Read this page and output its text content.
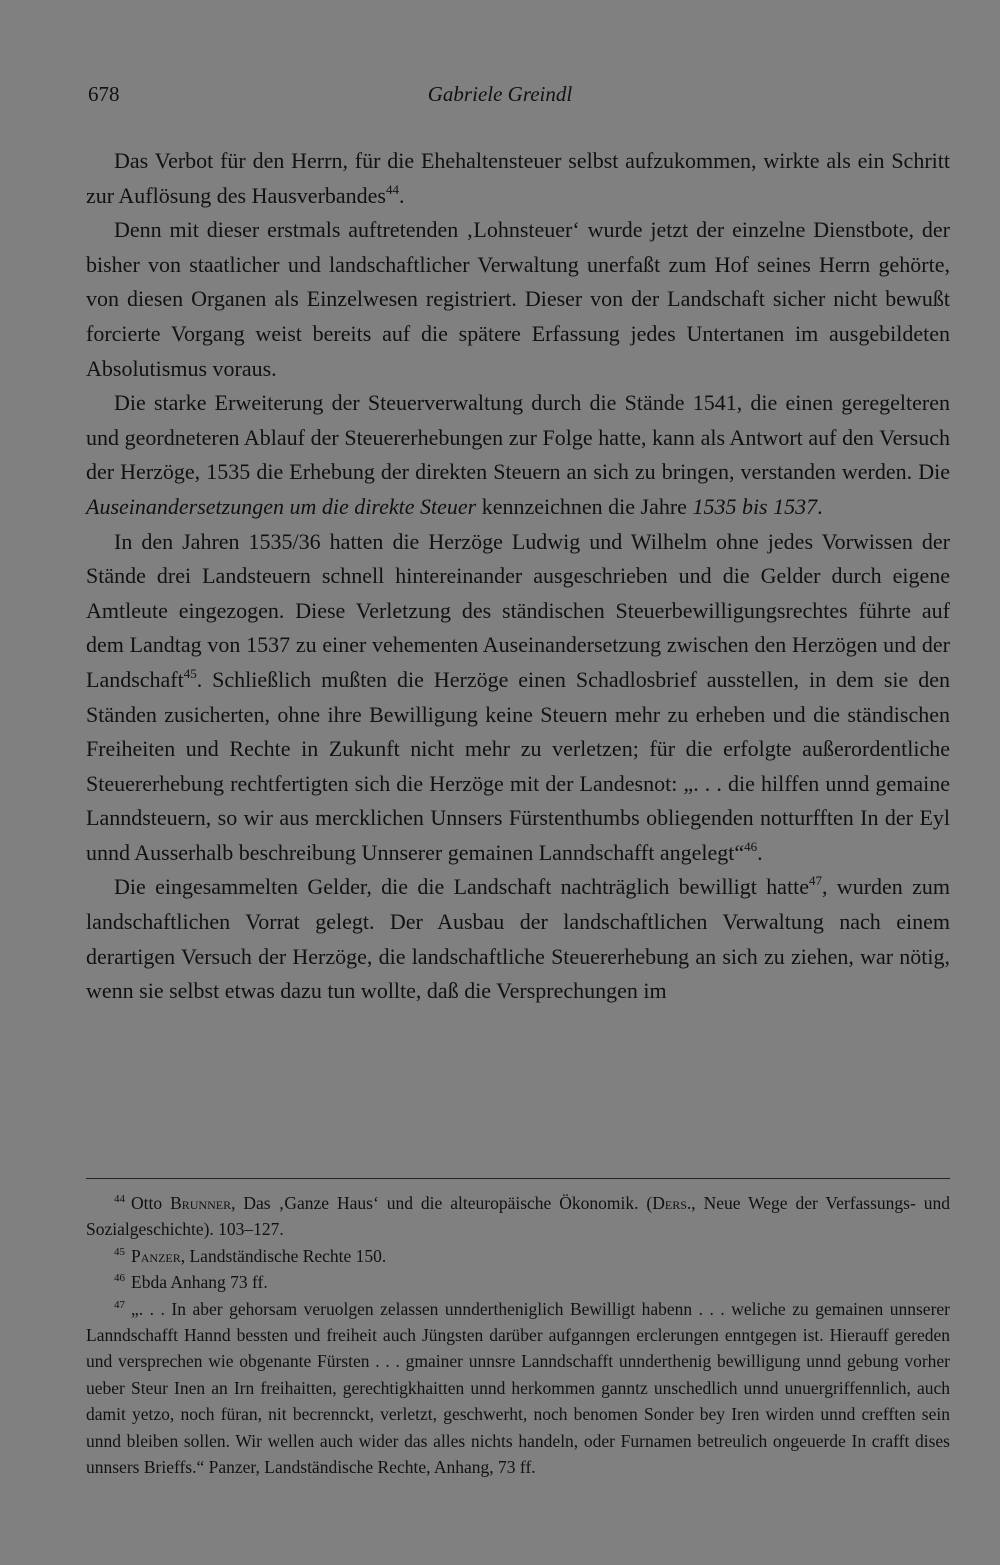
678	Gabriele Greindl

Das Verbot für den Herrn, für die Ehehaltensteuer selbst aufzukommen, wirkte als ein Schritt zur Auflösung des Hausverbandes$^{44}$.

Denn mit dieser erstmals auftretenden ‚Lohnsteuer‘ wurde jetzt der einzelne Dienstbote, der bisher von staatlicher und landschaftlicher Verwaltung unerfaßt zum Hof seines Herrn gehörte, von diesen Organen als Einzelwesen registriert. Dieser von der Landschaft sicher nicht bewußt forcierte Vorgang weist bereits auf die spätere Erfassung jedes Untertanen im ausgebildeten Absolutismus voraus.

Die starke Erweiterung der Steuerverwaltung durch die Stände 1541, die einen geregelteren und geordneteren Ablauf der Steuererhebungen zur Folge hatte, kann als Antwort auf den Versuch der Herzöge, 1535 die Erhebung der direkten Steuern an sich zu bringen, verstanden werden. Die Auseinandersetzungen um die direkte Steuer kennzeichnen die Jahre 1535 bis 1537.

In den Jahren 1535/36 hatten die Herzöge Ludwig und Wilhelm ohne jedes Vorwissen der Stände drei Landsteuern schnell hintereinander ausgeschrieben und die Gelder durch eigene Amtleute eingezogen. Diese Verletzung des ständischen Steuerbewilligungsrechtes führte auf dem Landtag von 1537 zu einer vehementen Auseinandersetzung zwischen den Herzögen und der Landschaft$^{45}$. Schließlich mußten die Herzöge einen Schadlosbrief ausstellen, in dem sie den Ständen zusicherten, ohne ihre Bewilligung keine Steuern mehr zu erheben und die ständischen Freiheiten und Rechte in Zukunft nicht mehr zu verletzen; für die erfolgte außerordentliche Steuererhebung rechtfertigten sich die Herzöge mit der Landesnot: „. . . die hilffen unnd gemaine Lanndsteuern, so wir aus mercklichen Unnsers Fürstenthumbs obliegenden notturfften In der Eyl unnd Ausserhalb beschreibung Unnserer gemainen Lanndschafft angelegt“$^{46}$.

Die eingesammelten Gelder, die die Landschaft nachträglich bewilligt hatte$^{47}$, wurden zum landschaftlichen Vorrat gelegt. Der Ausbau der landschaftlichen Verwaltung nach einem derartigen Versuch der Herzöge, die landschaftliche Steuererhebung an sich zu ziehen, war nötig, wenn sie selbst etwas dazu tun wollte, daß die Versprechungen im

$^{44}$ Otto Brunner, Das ‚Ganze Haus‘ und die alteuropäische Ökonomik. (Ders., Neue Wege der Verfassungs- und Sozialgeschichte). 103–127.

$^{45}$ Panzer, Landständische Rechte 150.

$^{46}$ Ebda Anhang 73 ff.

$^{47}$ „. . . In aber gehorsam veruolgen zelassen unndertheniglich Bewilligt habenn . . . weliche zu gemainen unnserer Lanndschafft Hannd bessten und freiheit auch Jüngsten darüber aufganngen erclerungen enntgegen ist. Hierauff gereden und versprechen wie obgenante Fürsten . . . gmainer unnsre Lanndschafft unnderthenig bewilligung unnd gebung vorher ueber Steur Inen an Irn freihaitten, gerechtigkhaitten unnd herkommen ganntz unschedlich unnd unuergriffennlich, auch damit yetzo, noch füran, nit becrennckt, verletzt, geschwerht, noch benomen Sonder bey Iren wirden unnd crefften sein unnd bleiben sollen. Wir wellen auch wider das alles nichts handeln, oder Furnamen betreulich ongeuerde In crafft dises unnsers Brieffs.“ Panzer, Landständische Rechte, Anhang, 73 ff.
